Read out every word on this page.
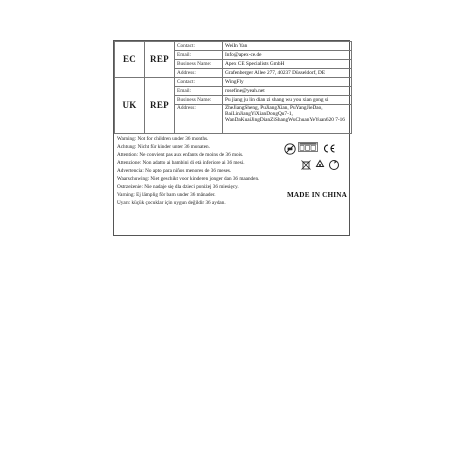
EC	REP	Contact:	WeiIn Yan
		Email:	Info@apex-ce.de
		Business Name:	Apex CE Specialists GmbH
		Address:	Grafenberger Allee 277, 40237 Düsseldorf, DE
UK	REP	Contact:	WingFly
		Email:	rosefine@yeah.net
		Business Name:	Pu jiang ju lin dian zi shang wu you xian gong si
		Address:	ZheJiangSheng, PuJiangXian, PuYangJieDao, BaiLinJiangYiXianDongQu7-1, WanDaKuaiJingDianZiShangWuChuanYeYuan620 7-16
Warning: Not for children under 36 months.
Achtung: Nicht für kinder unter 36 monaten.
Attention: Ne convient pas aux enfants de moins de 36 mois.
Attenzione: Non adatto ai bambini di età inferiore ai 36 mesi.
Advertencia: No apto para niños menores de 36 meses.
Waarschuwing: Niet geschikt voor kinderen jonger dan 36 maanden.
Ostrzeżenie: Nie nadaje się dla dzieci poniżej 36 miesięcy.
Varning: Ej lämplig för barn under 36 månader.
Uyarı: küçük çocuklar için uygun değildir 36 aydan.
MADE IN CHINA
